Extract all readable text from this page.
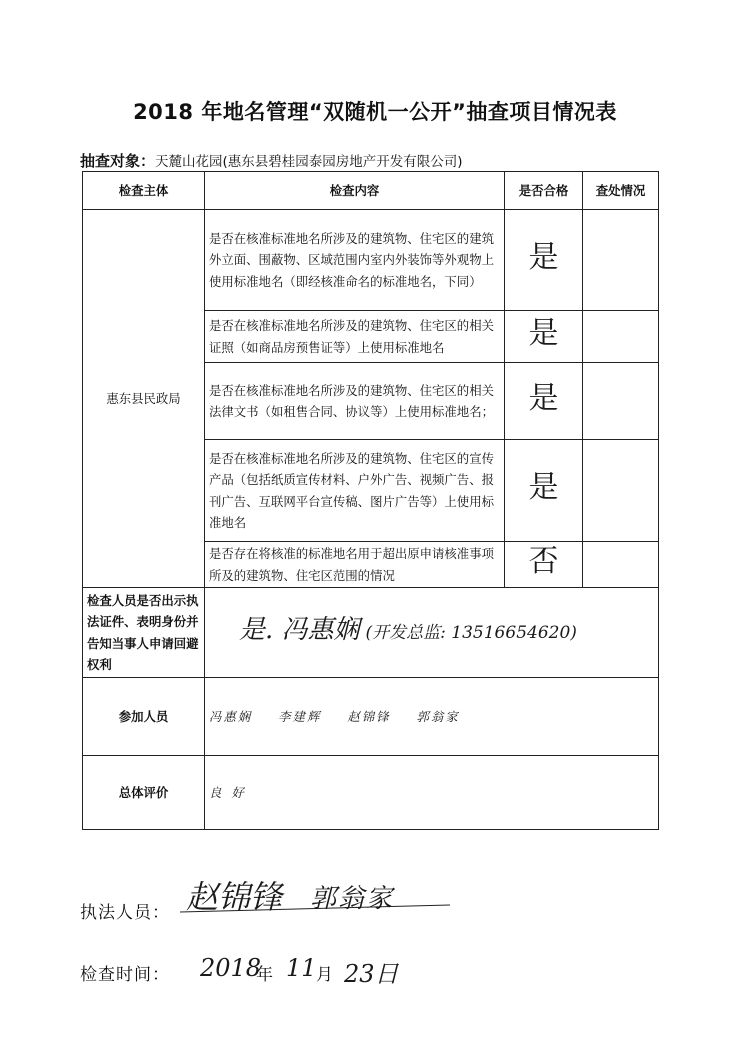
2018 年地名管理“双随机一公开”抽查项目情况表
抽查对象：天麓山花园(惠东县碧桂园泰园房地产开发有限公司)
检查主体	检查内容	是否合格	查处情况
惠东县民政局	是否在核准标准地名所涉及的建筑物、住宅区的建筑外立面、围蔽物、区域范围内室内外装饰等外观物上使用标准地名（即经核准命名的标准地名，下同）	是	
	是否在核准标准地名所涉及的建筑物、住宅区的相关证照（如商品房预售证等）上使用标准地名	是	
	是否在核准标准地名所涉及的建筑物、住宅区的相关法律文书（如租售合同、协议等）上使用标准地名；	是	
	是否在核准标准地名所涉及的建筑物、住宅区的宣传产品（包括纸质宣传材料、户外广告、视频广告、报刊广告、互联网平台宣传稿、图片广告等）上使用标准地名	是	
	是否存在将核准的标准地名用于超出原申请核准事项所及的建筑物、住宅区范围的情况	否	
检查人员是否出示执法证件、表明身份并告知当事人申请回避权利	是. 冯惠娴 (开发总监: 13516654620)		
参加人员	冯惠娴 李建辉 赵锦锋 郭翁家		
总体评价	良好		
执法人员： 赵锦锋 郭翁家
检查时间： 2018
年 11 月 23日
